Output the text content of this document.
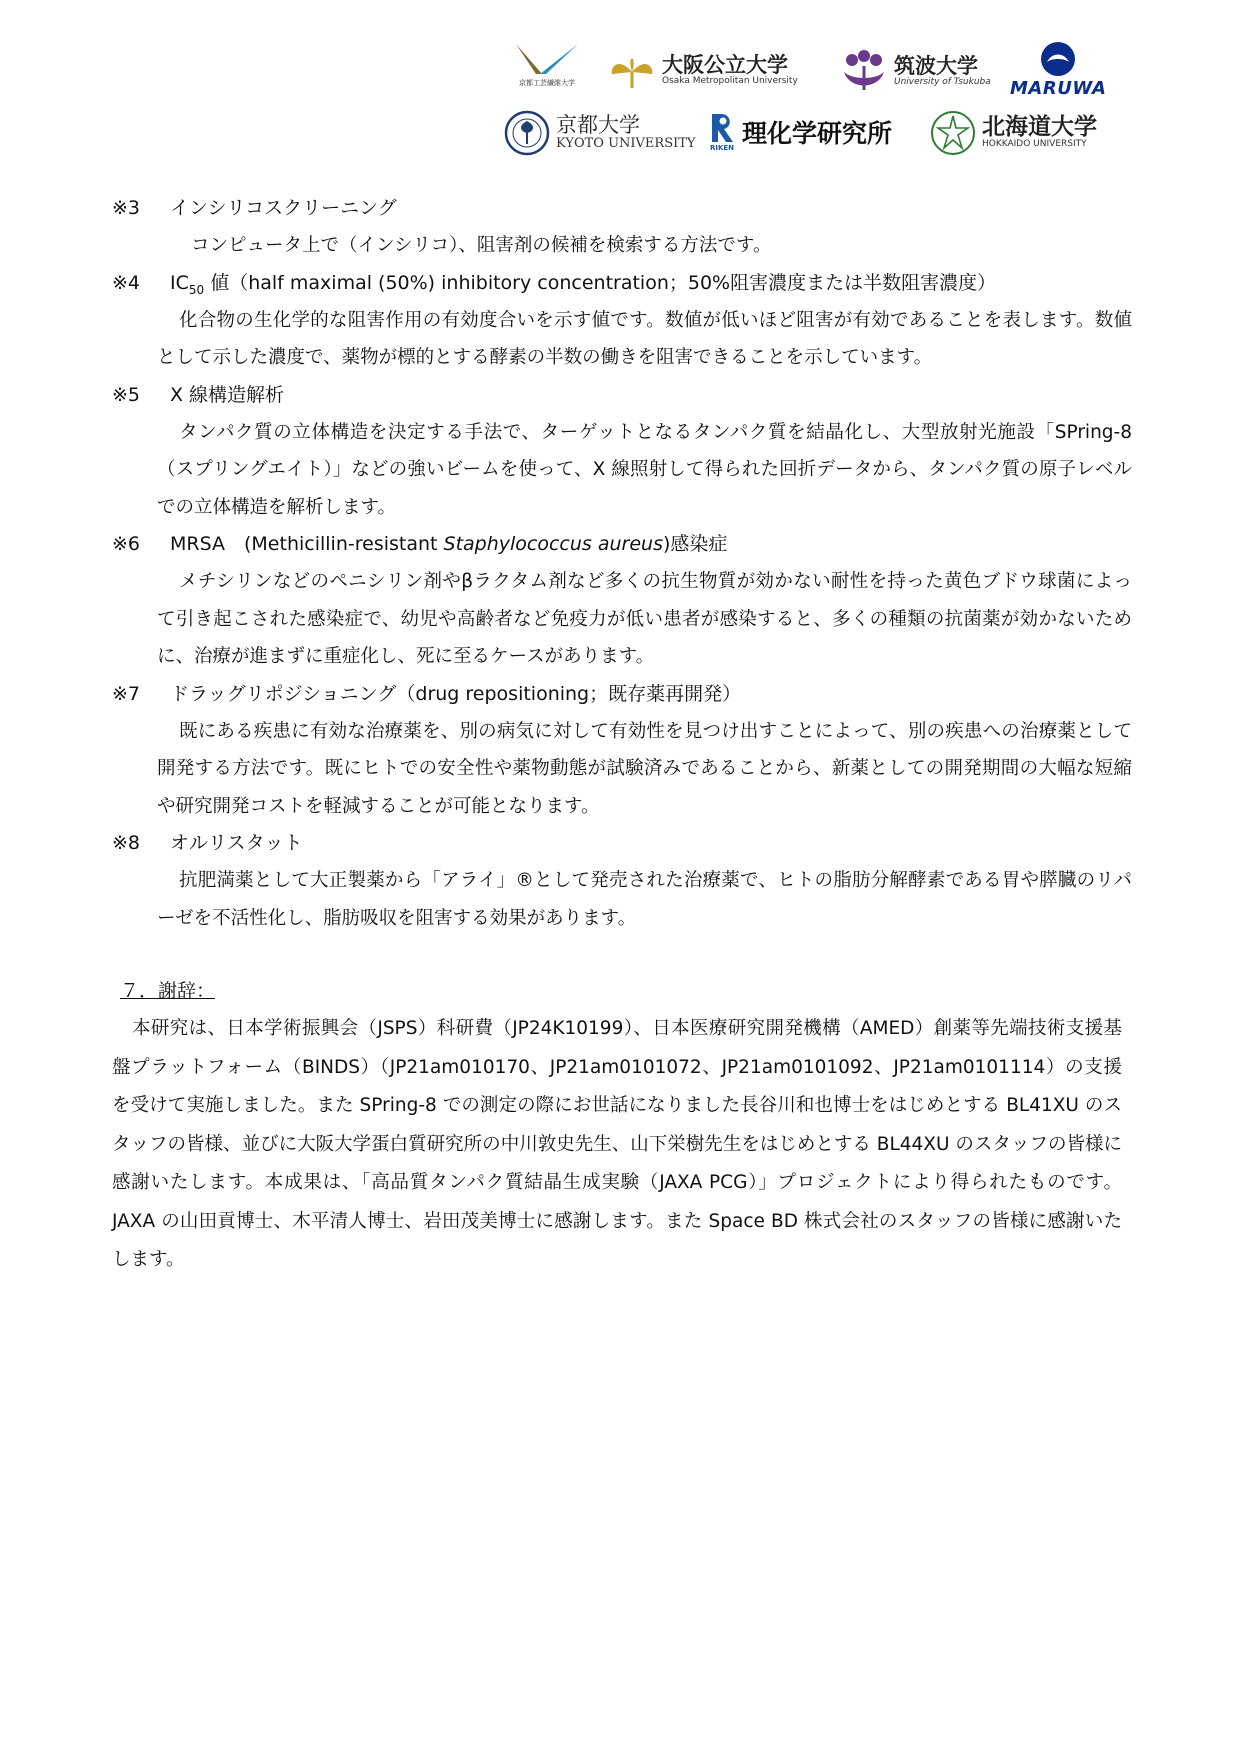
京都工芸繊維大学
大阪公立大学
Osaka Metropolitan University
筑波大学
University of Tsukuba MARUWA
京都大学
KYOTO UNIVERSITY RIKEN 理化学研究所	北海道大学
HOKKAIDO UNIVERSITY
※3 インシリコスクリーニング
コンピュータ上で（インシリコ）、阻害剤の候補を検索する方法です。
※4 $IC_{50}$ 値（half maximal (50%) inhibitory concentration；50%阻害濃度または半数阻害濃度）
化合物の生化学的な阻害作用の有効度合いを示す値です。数値が低いほど阻害が有効であることを表します。数値として示した濃度で、薬物が標的とする酵素の半数の働きを阻害できることを示しています。
※5 X 線構造解析
タンパク質の立体構造を決定する手法で、ターゲットとなるタンパク質を結晶化し、大型放射光施設「SPring-8（スプリングエイト）」などの強いビームを使って、X 線照射して得られた回折データから、タンパク質の原子レベルでの立体構造を解析します。
※6 MRSA　(Methicillin-resistant Staphylococcus aureus)感染症
メチシリンなどのペニシリン剤やβラクタム剤など多くの抗生物質が効かない耐性を持った黄色ブドウ球菌によって引き起こされた感染症で、幼児や高齢者など免疫力が低い患者が感染すると、多くの種類の抗菌薬が効かないために、治療が進まずに重症化し、死に至るケースがあります。
※7 ドラッグリポジショニング（drug repositioning；既存薬再開発）
既にある疾患に有効な治療薬を、別の病気に対して有効性を見つけ出すことによって、別の疾患への治療薬として開発する方法です。既にヒトでの安全性や薬物動態が試験済みであることから、新薬としての開発期間の大幅な短縮や研究開発コストを軽減することが可能となります。
※8 オルリスタット
抗肥満薬として大正製薬から「アライ」®として発売された治療薬で、ヒトの脂肪分解酵素である胃や膵臓のリパーゼを不活性化し、脂肪吸収を阻害する効果があります。
７．謝辞：
本研究は、日本学術振興会（JSPS）科研費（JP24K10199）、日本医療研究開発機構（AMED）創薬等先端技術支援基盤プラットフォーム（BINDS）（JP21am010170、JP21am0101072、JP21am0101092、JP21am0101114）の支援を受けて実施しました。また SPring-8 での測定の際にお世話になりました長谷川和也博士をはじめとする BL41XU のスタッフの皆様、並びに大阪大学蛋白質研究所の中川敦史先生、山下栄樹先生をはじめとする BL44XU のスタッフの皆様に感謝いたします。本成果は、「高品質タンパク質結晶生成実験（JAXA PCG）」プロジェクトにより得られたものです。JAXA の山田貢博士、木平清人博士、岩田茂美博士に感謝します。また Space BD 株式会社のスタッフの皆様に感謝いたします。
